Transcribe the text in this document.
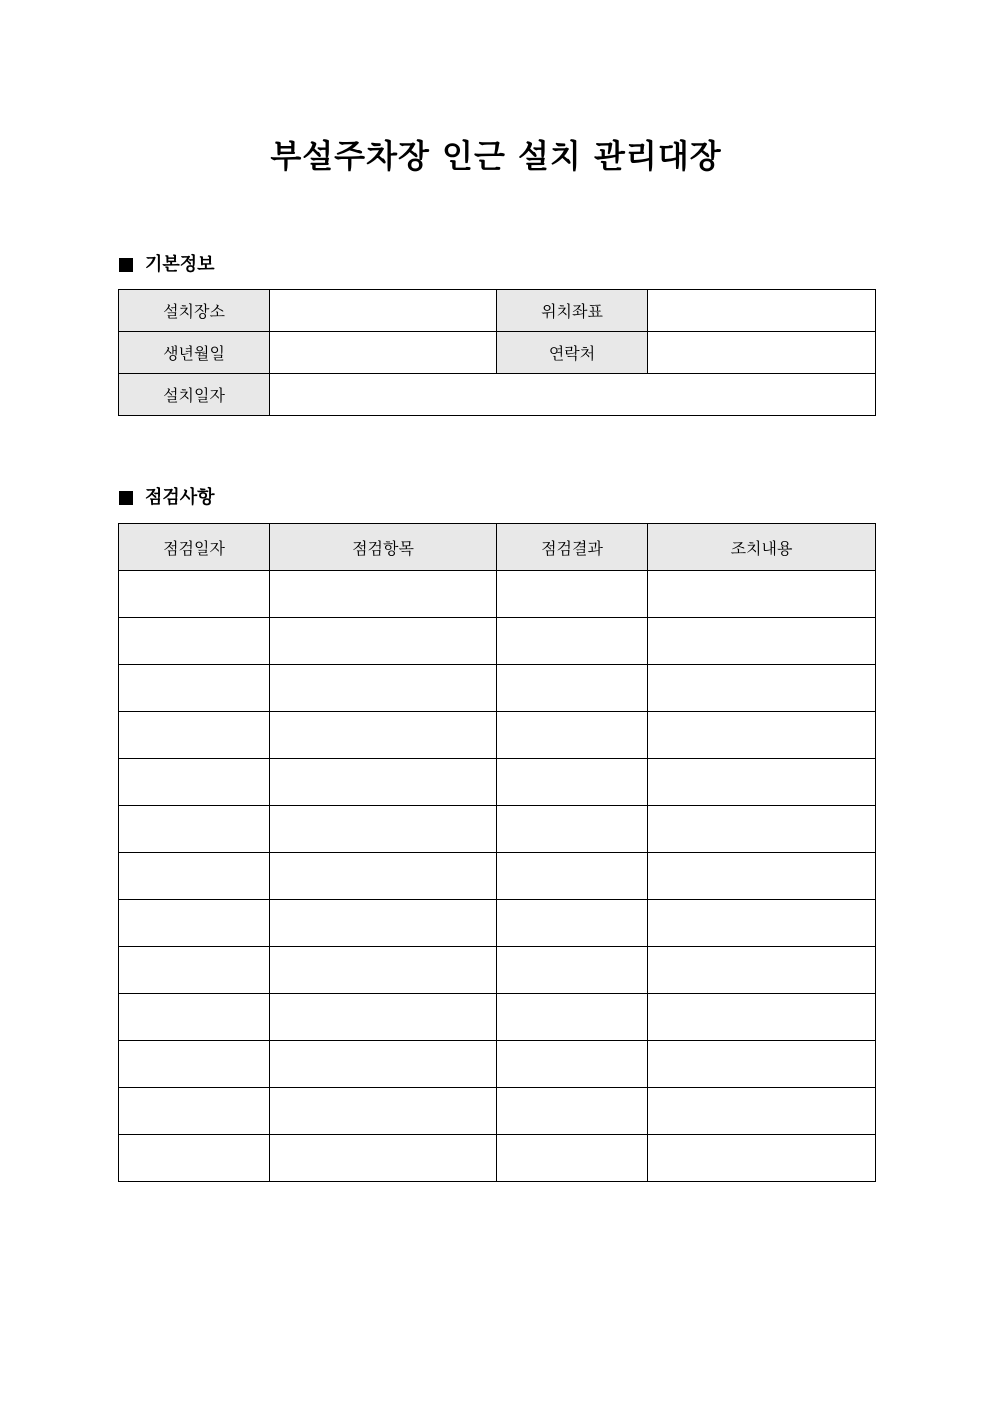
부설주차장 인근 설치 관리대장
기본정보
설치장소		위치좌표	
생년월일		연락처	
설치일자			
점검사항
점검일자	점검항목	점검결과	조치내용
